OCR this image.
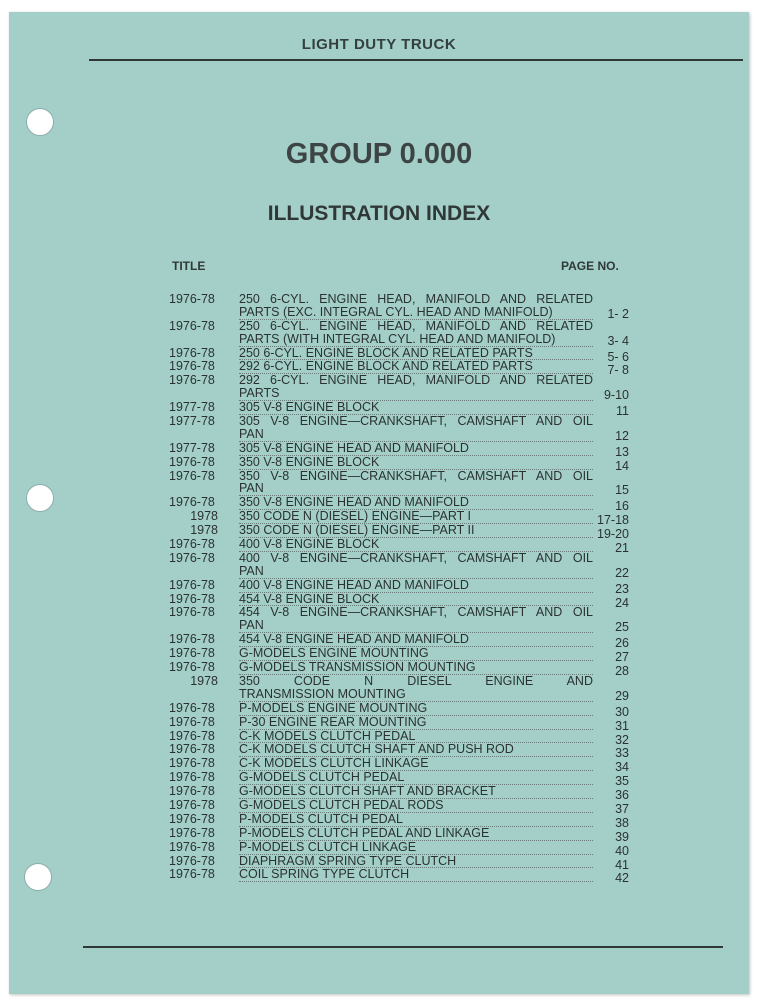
LIGHT DUTY TRUCK
GROUP 0.000
ILLUSTRATION INDEX
TITLE	PAGE NO.
1976-78 250 6-CYL. ENGINE HEAD, MANIFOLD AND RELATED
PARTS (EXC. INTEGRAL CYL. HEAD AND MANIFOLD)	1- 2
1976-78 250 6-CYL. ENGINE HEAD, MANIFOLD AND RELATED
PARTS (WITH INTEGRAL CYL. HEAD AND MANIFOLD)	3- 4
1976-78 250 6-CYL. ENGINE BLOCK AND RELATED PARTS	5- 6
1976-78 292 6-CYL. ENGINE BLOCK AND RELATED PARTS	7- 8
1976-78 292 6-CYL. ENGINE HEAD, MANIFOLD AND RELATED
PARTS	9-10
1977-78 305 V-8 ENGINE BLOCK	11
1977-78 305 V-8 ENGINE—CRANKSHAFT, CAMSHAFT AND OIL
PAN	12
1977-78 305 V-8 ENGINE HEAD AND MANIFOLD	13
1976-78 350 V-8 ENGINE BLOCK	14
1976-78 350 V-8 ENGINE—CRANKSHAFT, CAMSHAFT AND OIL
PAN	15
1976-78 350 V-8 ENGINE HEAD AND MANIFOLD	16
1978 350 CODE N (DIESEL) ENGINE—PART I	17-18
1978 350 CODE N (DIESEL) ENGINE—PART II	19-20
1976-78 400 V-8 ENGINE BLOCK	21
1976-78 400 V-8 ENGINE—CRANKSHAFT, CAMSHAFT AND OIL
PAN	22
1976-78 400 V-8 ENGINE HEAD AND MANIFOLD	23
1976-78 454 V-8 ENGINE BLOCK	24
1976-78 454 V-8 ENGINE—CRANKSHAFT, CAMSHAFT AND OIL
PAN	25
1976-78 454 V-8 ENGINE HEAD AND MANIFOLD	26
1976-78 G-MODELS ENGINE MOUNTING	27
1976-78 G-MODELS TRANSMISSION MOUNTING	28
1978 350 CODE N DIESEL ENGINE AND
TRANSMISSION MOUNTING	29
1976-78 P-MODELS ENGINE MOUNTING	30
1976-78 P-30 ENGINE REAR MOUNTING	31
1976-78 C-K MODELS CLUTCH PEDAL	32
1976-78 C-K MODELS CLUTCH SHAFT AND PUSH ROD	33
1976-78 C-K MODELS CLUTCH LINKAGE	34
1976-78 G-MODELS CLUTCH PEDAL	35
1976-78 G-MODELS CLUTCH SHAFT AND BRACKET	36
1976-78 G-MODELS CLUTCH PEDAL RODS	37
1976-78 P-MODELS CLUTCH PEDAL	38
1976-78 P-MODELS CLUTCH PEDAL AND LINKAGE	39
1976-78 P-MODELS CLUTCH LINKAGE	40
1976-78 DIAPHRAGM SPRING TYPE CLUTCH	41
1976-78 COIL SPRING TYPE CLUTCH	42
